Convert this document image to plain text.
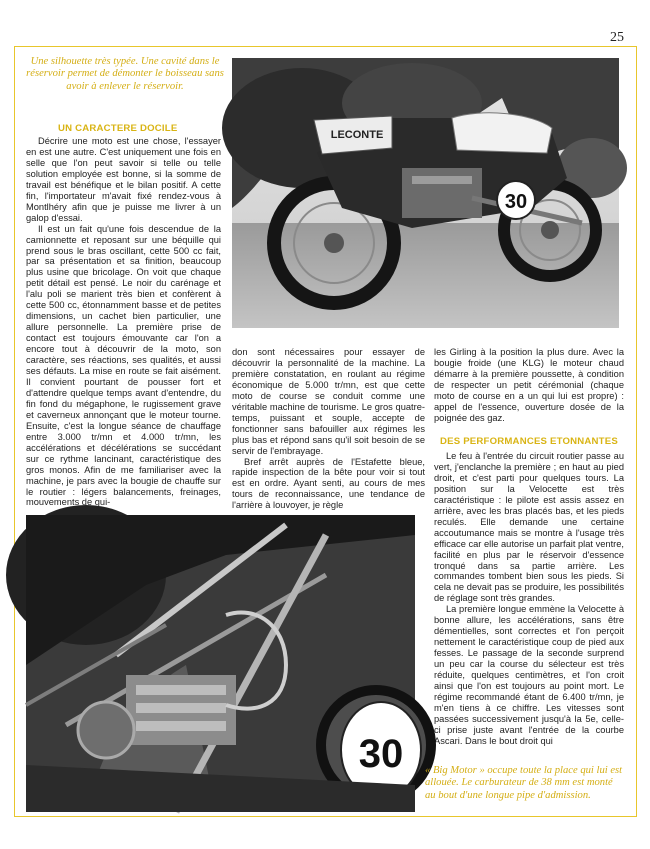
25
Une silhouette très typée. Une cavité dans le réservoir permet de démonter le boisseau sans avoir à enlever le réservoir.
LECONTE
30
UN CARACTERE DOCILE

Décrire une moto est une chose, l'essayer en est une autre. C'est uniquement une fois en selle que l'on peut savoir si telle ou telle solution employée est bonne, si la somme de travail est bénéfique et le bilan positif. A cette fin, l'importateur m'avait fixé rendez-vous à Montlhéry afin que je puisse me livrer à un galop d'essai.

Il est un fait qu'une fois descendue de la camionnette et reposant sur une béquille qui prend sous le bras oscillant, cette 500 cc fait, par sa présentation et sa finition, beaucoup plus usine que bricolage. On voit que chaque petit détail est pensé. Le noir du carénage et l'alu poli se marient très bien et confèrent à cette 500 cc, étonnamment basse et de petites dimensions, un cachet bien particulier, une allure personnelle. La première prise de contact est toujours émouvante car l'on a encore tout à découvrir de la moto, son caractère, ses réactions, ses qualités, et aussi ses défauts. La mise en route se fait aisément. Il convient pourtant de pousser fort et d'attendre quelque temps avant d'entendre, du fin fond du mégaphone, le rugissement grave et caverneux annonçant que le moteur tourne. Ensuite, c'est la longue séance de chauffage entre 3.000 tr/mn et 4.000 tr/mn, les accélérations et décélérations se succédant sur ce rythme lancinant, caractéristique des gros monos. Afin de me familiariser avec la machine, je pars avec la bougie de chauffe sur le routier : légers balancements, freinages, mouvements de gui-

don sont nécessaires pour essayer de découvrir la personnalité de la machine. La première constatation, en roulant au régime économique de 5.000 tr/mn, est que cette moto de course se conduit comme une véritable machine de tourisme. Le gros quatre-temps, puissant et souple, accepte de fonctionner sans bafouiller aux régimes les plus bas et répond sans qu'il soit besoin de se servir de l'embrayage.

Bref arrêt auprès de l'Estafette bleue, rapide inspection de la bête pour voir si tout est en ordre. Ayant senti, au cours de mes tours de reconnaissance, une tendance de l'arrière à louvoyer, je règle

les Girling à la position la plus dure. Avec la bougie froide (une KLG) le moteur chaud démarre à la première poussette, à condition de respecter un petit cérémonial (chaque moto de course en a un qui lui est propre) : appel de l'essence, ouverture dosée de la poignée des gaz.

DES PERFORMANCES ETONNANTES

Le feu à l'entrée du circuit routier passe au vert, j'enclanche la première ; en haut au pied droit, et c'est parti pour quelques tours. La position sur la Velocette est très caractéristique : le pilote est assis assez en arrière, avec les bras placés bas, et les pieds reculés. Elle demande une certaine accoutumance mais se montre à l'usage très efficace car elle autorise un parfait plat ventre, facilité en plus par le réservoir d'essence tronqué dans sa partie arrière. Les commandes tombent bien sous les pieds. Si cela ne devait pas se produire, les possibilités de réglage sont très grandes.

La première longue emmène la Velocette à bonne allure, les accélérations, sans être démentielles, sont correctes et l'on perçoit nettement le caractéristique coup de pied aux fesses. Le passage de la seconde surprend un peu car la course du sélecteur est très réduite, quelques centimètres, et l'on croit ainsi que l'on est toujours au point mort. Le régime recommandé étant de 6.400 tr/mn, je m'en tiens à ce chiffre. Les vitesses sont passées successivement jusqu'à la 5e, celle-ci prise juste avant l'entrée de la courbe Ascari. Dans le bout droit qui

30 « Big Motor » occupe toute la place qui lui est allouée. Le carburateur de 38 mm est monté au bout d'une longue pipe d'admission.
